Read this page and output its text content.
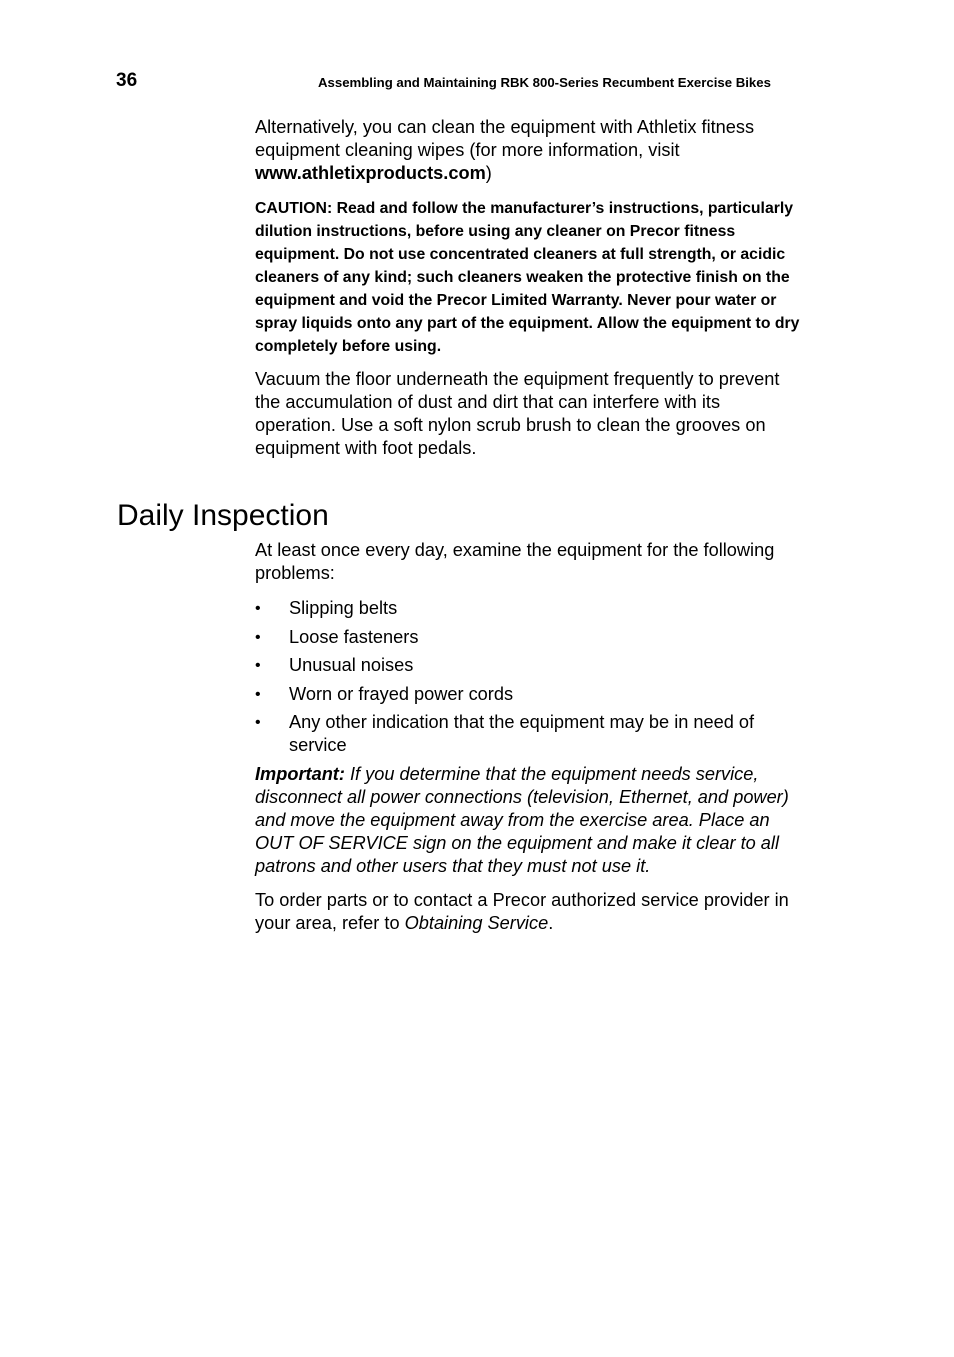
36	Assembling and Maintaining RBK 800-Series Recumbent Exercise Bikes

Alternatively, you can clean the equipment with Athletix fitness equipment cleaning wipes (for more information, visit www.athletixproducts.com)

CAUTION: Read and follow the manufacturer’s instructions, particularly dilution instructions, before using any cleaner on Precor fitness equipment. Do not use concentrated cleaners at full strength, or acidic cleaners of any kind; such cleaners weaken the protective finish on the equipment and void the Precor Limited Warranty. Never pour water or spray liquids onto any part of the equipment. Allow the equipment to dry completely before using.

Vacuum the floor underneath the equipment frequently to prevent the accumulation of dust and dirt that can interfere with its operation. Use a soft nylon scrub brush to clean the grooves on equipment with foot pedals.

Daily Inspection

At least once every day, examine the equipment for the following problems:

• Slipping belts
• Loose fasteners
• Unusual noises
• Worn or frayed power cords
• Any other indication that the equipment may be in need of service

Important: If you determine that the equipment needs service, disconnect all power connections (television, Ethernet, and power) and move the equipment away from the exercise area. Place an OUT OF SERVICE sign on the equipment and make it clear to all patrons and other users that they must not use it.

To order parts or to contact a Precor authorized service provider in your area, refer to Obtaining Service.
